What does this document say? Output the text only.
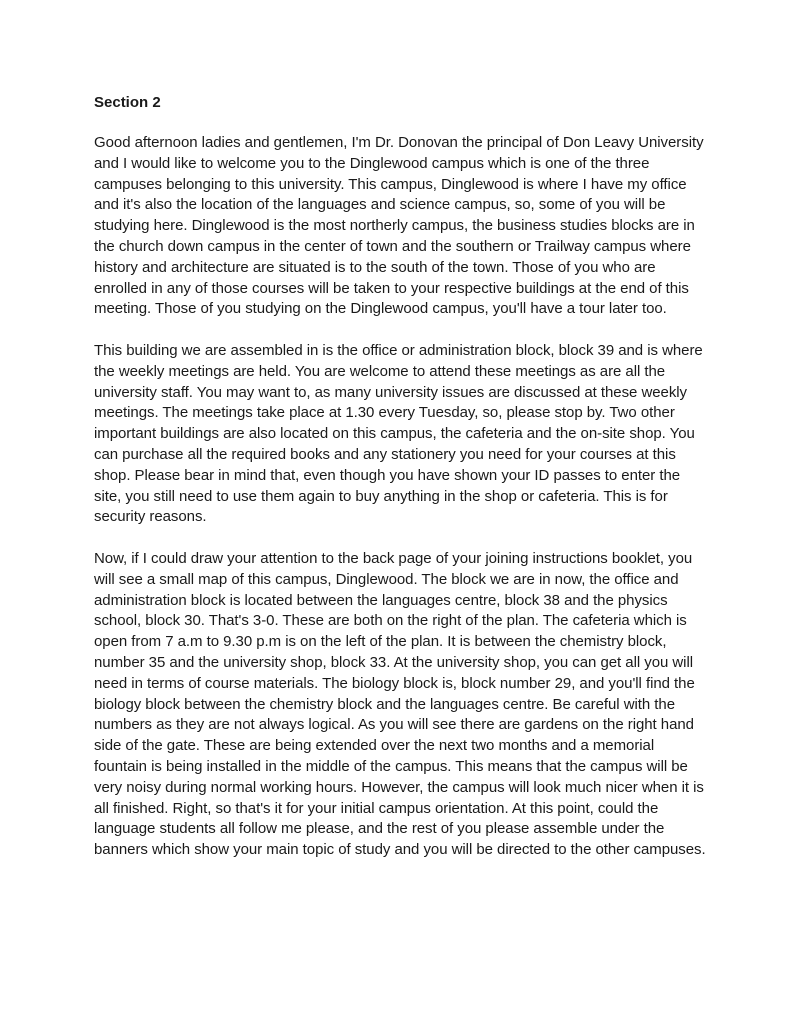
Section 2

Good afternoon ladies and gentlemen, I'm Dr. Donovan the principal of Don Leavy University and I would like to welcome you to the Dinglewood campus which is one of the three campuses belonging to this university. This campus, Dinglewood is where I have my office and it's also the location of the languages and science campus, so, some of you will be studying here. Dinglewood is the most northerly campus, the business studies blocks are in the church down campus in the center of town and the southern or Trailway campus where history and architecture are situated is to the south of the town. Those of you who are enrolled in any of those courses will be taken to your respective buildings at the end of this meeting. Those of you studying on the Dinglewood campus, you'll have a tour later too.

This building we are assembled in is the office or administration block, block 39 and is where the weekly meetings are held. You are welcome to attend these meetings as are all the university staff. You may want to, as many university issues are discussed at these weekly meetings. The meetings take place at 1.30 every Tuesday, so, please stop by. Two other important buildings are also located on this campus, the cafeteria and the on-site shop. You can purchase all the required books and any stationery you need for your courses at this shop. Please bear in mind that, even though you have shown your ID passes to enter the site, you still need to use them again to buy anything in the shop or cafeteria. This is for security reasons.

Now, if I could draw your attention to the back page of your joining instructions booklet, you will see a small map of this campus, Dinglewood. The block we are in now, the office and administration block is located between the languages centre, block 38 and the physics school, block 30. That's 3-0. These are both on the right of the plan. The cafeteria which is open from 7 a.m to 9.30 p.m is on the left of the plan. It is between the chemistry block, number 35 and the university shop, block 33. At the university shop, you can get all you will need in terms of course materials. The biology block is, block number 29, and you'll find the biology block between the chemistry block and the languages centre. Be careful with the numbers as they are not always logical. As you will see there are gardens on the right hand side of the gate. These are being extended over the next two months and a memorial fountain is being installed in the middle of the campus. This means that the campus will be very noisy during normal working hours. However, the campus will look much nicer when it is all finished. Right, so that's it for your initial campus orientation. At this point, could the language students all follow me please, and the rest of you please assemble under the banners which show your main topic of study and you will be directed to the other campuses.
